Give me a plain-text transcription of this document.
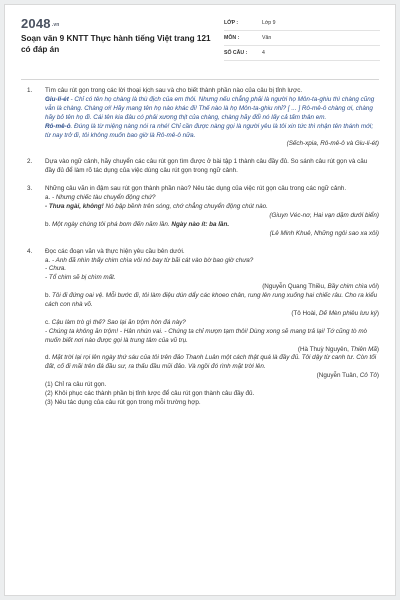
2048.vn
Soạn văn 9 KNTT Thực hành tiếng Việt trang 121 có đáp án
LỚP :	Lớp 9
MÔN :	Văn
SỐ CÂU :	4
1.	Tìm câu rút gọn trong các lời thoại kịch sau và cho biết thành phần nào của câu bị tỉnh lược.
Giu-li-ét - Chỉ có tên họ chàng là thù địch của em thôi. Nhưng nếu chẳng phải là người họ Môn-ta-ghiu thì chàng cũng vẫn là chàng. Chàng ơi! Hãy mang tên họ nào khác đi! Thế nào là họ Môn-ta-ghiu nhỉ? [ ... ] Rô-mê-ô chàng ơi, chàng hãy bỏ tên họ đi. Cái tên kia đâu có phải xương thịt của chàng, chàng hãy đổi nó lấy cả tấm thân em.
Rô-mê-ô. Đúng là từ miệng nàng nói ra nhé! Chỉ cần được nàng gọi là người yêu là tôi xin tức thì nhận tên thánh mới; từ nay trở đi, tôi không muốn bao giờ là Rô-mê-ô nữa.
(Sếch-xpia, Rô-mê-ô và Giu-li-ét)
2.	Dựa vào ngữ cảnh, hãy chuyển các câu rút gọn tìm được ở bài tập 1 thành câu đầy đủ. So sánh câu rút gọn và câu đầy đủ để làm rõ tác dụng của việc dùng câu rút gọn trong ngữ cảnh.
3.	Những câu văn in đậm sau rút gọn thành phần nào? Nêu tác dụng của việc rút gọn câu trong các ngữ cảnh.
a. - Nhưng chiếc tàu chuyển động chứ?
- Thưa ngài, không! Nó bập bềnh trên sóng, chớ chẳng chuyển động chút nào.
(Giuyn Véc-nơ, Hai vạn dặm dưới biển)
b. Một ngày chúng tôi phá bom đến năm lần. Ngày nào ít: ba lần.
(Lê Minh Khuê, Những ngôi sao xa xôi)
4.	Đọc các đoạn văn và thực hiện yêu cầu bên dưới.
a. - Anh đã nhìn thấy chim chìa vôi nó bay từ bãi cát vào bờ bao giờ chưa?
- Chưa.
- Tổ chim sẽ bị chìm mất.
(Nguyễn Quang Thiều, Bầy chim chìa vôi)
b. Tôi đi đứng oai vệ. Mỗi bước đi, tôi làm điệu dún dẩy các khoeo chân, rung lên rung xuống hai chiếc râu. Cho ra kiểu cách con nhà võ.
(Tô Hoài, Dế Mèn phiêu lưu ký)
c. Cậu làm trò gì thế? Sao lại ăn trộm hòn đá này?
- Chúng ta không ăn trộm! - Hân nhún vai. - Chúng ta chỉ mượn tạm thôi! Dùng xong sẽ mang trả lại! Tớ cũng tò mò muốn biết nơi nào được gọi là trung tâm của vũ trụ.
(Hà Thuỳ Nguyên, Thiên Mã)
d. Mặt trời lại rọi lên ngày thứ sáu của tôi trên đảo Thanh Luân một cách thật quá là đầy đủ. Tôi dậy từ canh tư. Còn tối đất, cố đi mãi trên đá đầu sư, ra thấu đầu mũi đảo. Và ngồi đó rình mặt trời lên.
(Nguyễn Tuân, Cô Tô)
(1) Chỉ ra câu rút gọn.
(2) Khôi phục các thành phần bị tỉnh lược để câu rút gọn thành câu đầy đủ.
(3) Nêu tác dụng của câu rút gọn trong mỗi trường hợp.
